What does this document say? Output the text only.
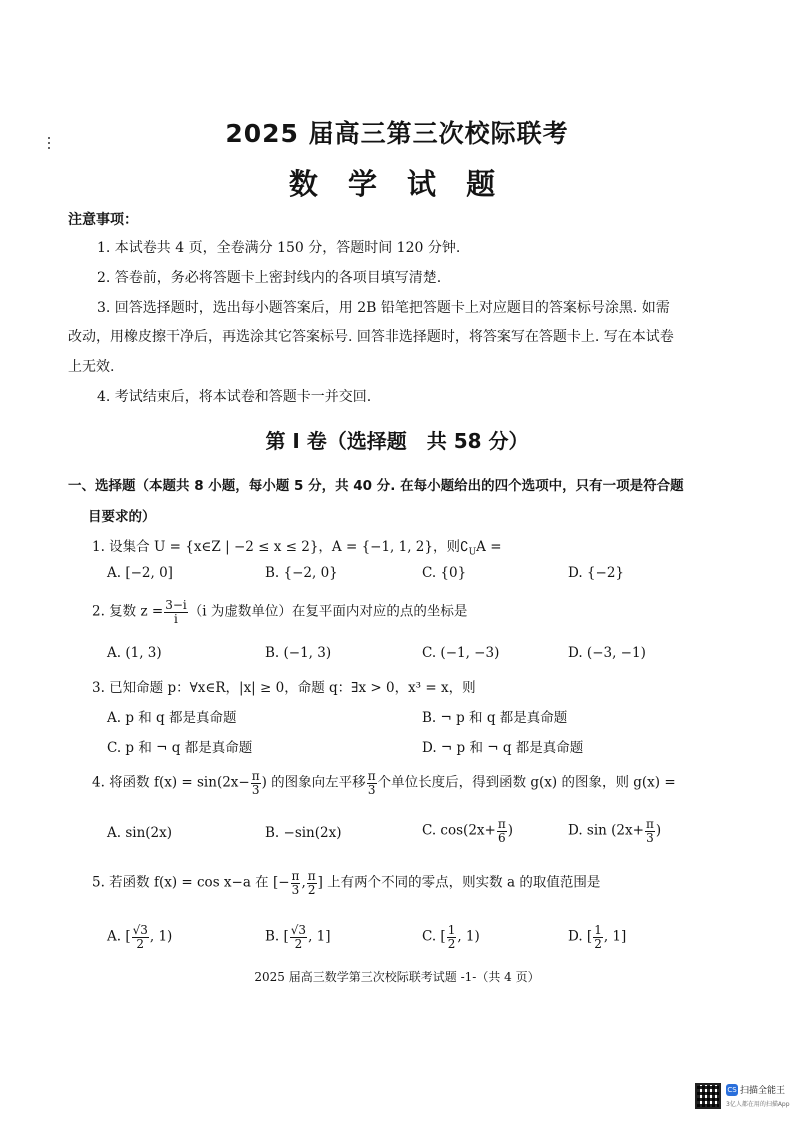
2025 届高三第三次校际联考
数 学 试 题
注意事项：
1. 本试卷共 4 页，全卷满分 150 分，答题时间 120 分钟.
2. 答卷前，务必将答题卡上密封线内的各项目填写清楚.
3. 回答选择题时，选出每小题答案后，用 2B 铅笔把答题卡上对应题目的答案标号涂黑. 如需
改动，用橡皮擦干净后，再选涂其它答案标号. 回答非选择题时，将答案写在答题卡上. 写在本试卷
上无效.
4. 考试结束后，将本试卷和答题卡一并交回.
第 Ⅰ 卷（选择题　共 58 分）
一、选择题（本题共 8 小题，每小题 5 分，共 40 分. 在每小题给出的四个选项中，只有一项是符合题
目要求的）
1. 设集合 U = {x∈Z | −2 ≤ x ≤ 2}，A = {−1, 1, 2}，则$∁_UA$ =
A. [−2, 0]	B. {−2, 0}	C. {0}	D. {−2}
2. 复数 $z = \frac{3-i}{i} (i$ 为虚数单位）在复平面内对应的点的坐标是
A. (1, 3)	B. (−1, 3)	C. (−1, −3)	D. (−3, −1)
3. 已知命题 p：∀x∈R，|x| ≥ 0，命题 q：∃x > 0，x³ = x，则
A. p 和 q 都是真命题	B. ¬ p 和 q 都是真命题
C. p 和 ¬ q 都是真命题	D. ¬ p 和 ¬ q 都是真命题
4. 将函数 $f(x) = \sin(2x- \frac{\pi}{3}$ ) 的图象向左平移 $\frac{\pi}{3}$ 个单位长度后，得到函数 g(x) 的图象，则 g(x) =
A. sin(2x)	B. −sin(2x)	C. $\cos(2x+ \frac{\pi}{6}$ )	D. $\sin (2x+ \frac{\pi}{3}$ )
5. 若函数 f(x) = cos x−a 在 [− $\frac{\pi}{3}$ , $\frac{\pi}{2}$ ] 上有两个不同的零点，则实数 a 的取值范围是
A. [ $\frac{√3}{2}$ , 1)	B. [ $\frac{√3}{2}$ , 1]	C. [ $\frac{1}{2}$ , 1)	D. [ $\frac{1}{2}$ , 1]
2025 届高三数学第三次校际联考试题 -1-（共 4 页）
CS 扫描全能王
3亿人都在用的扫描App
